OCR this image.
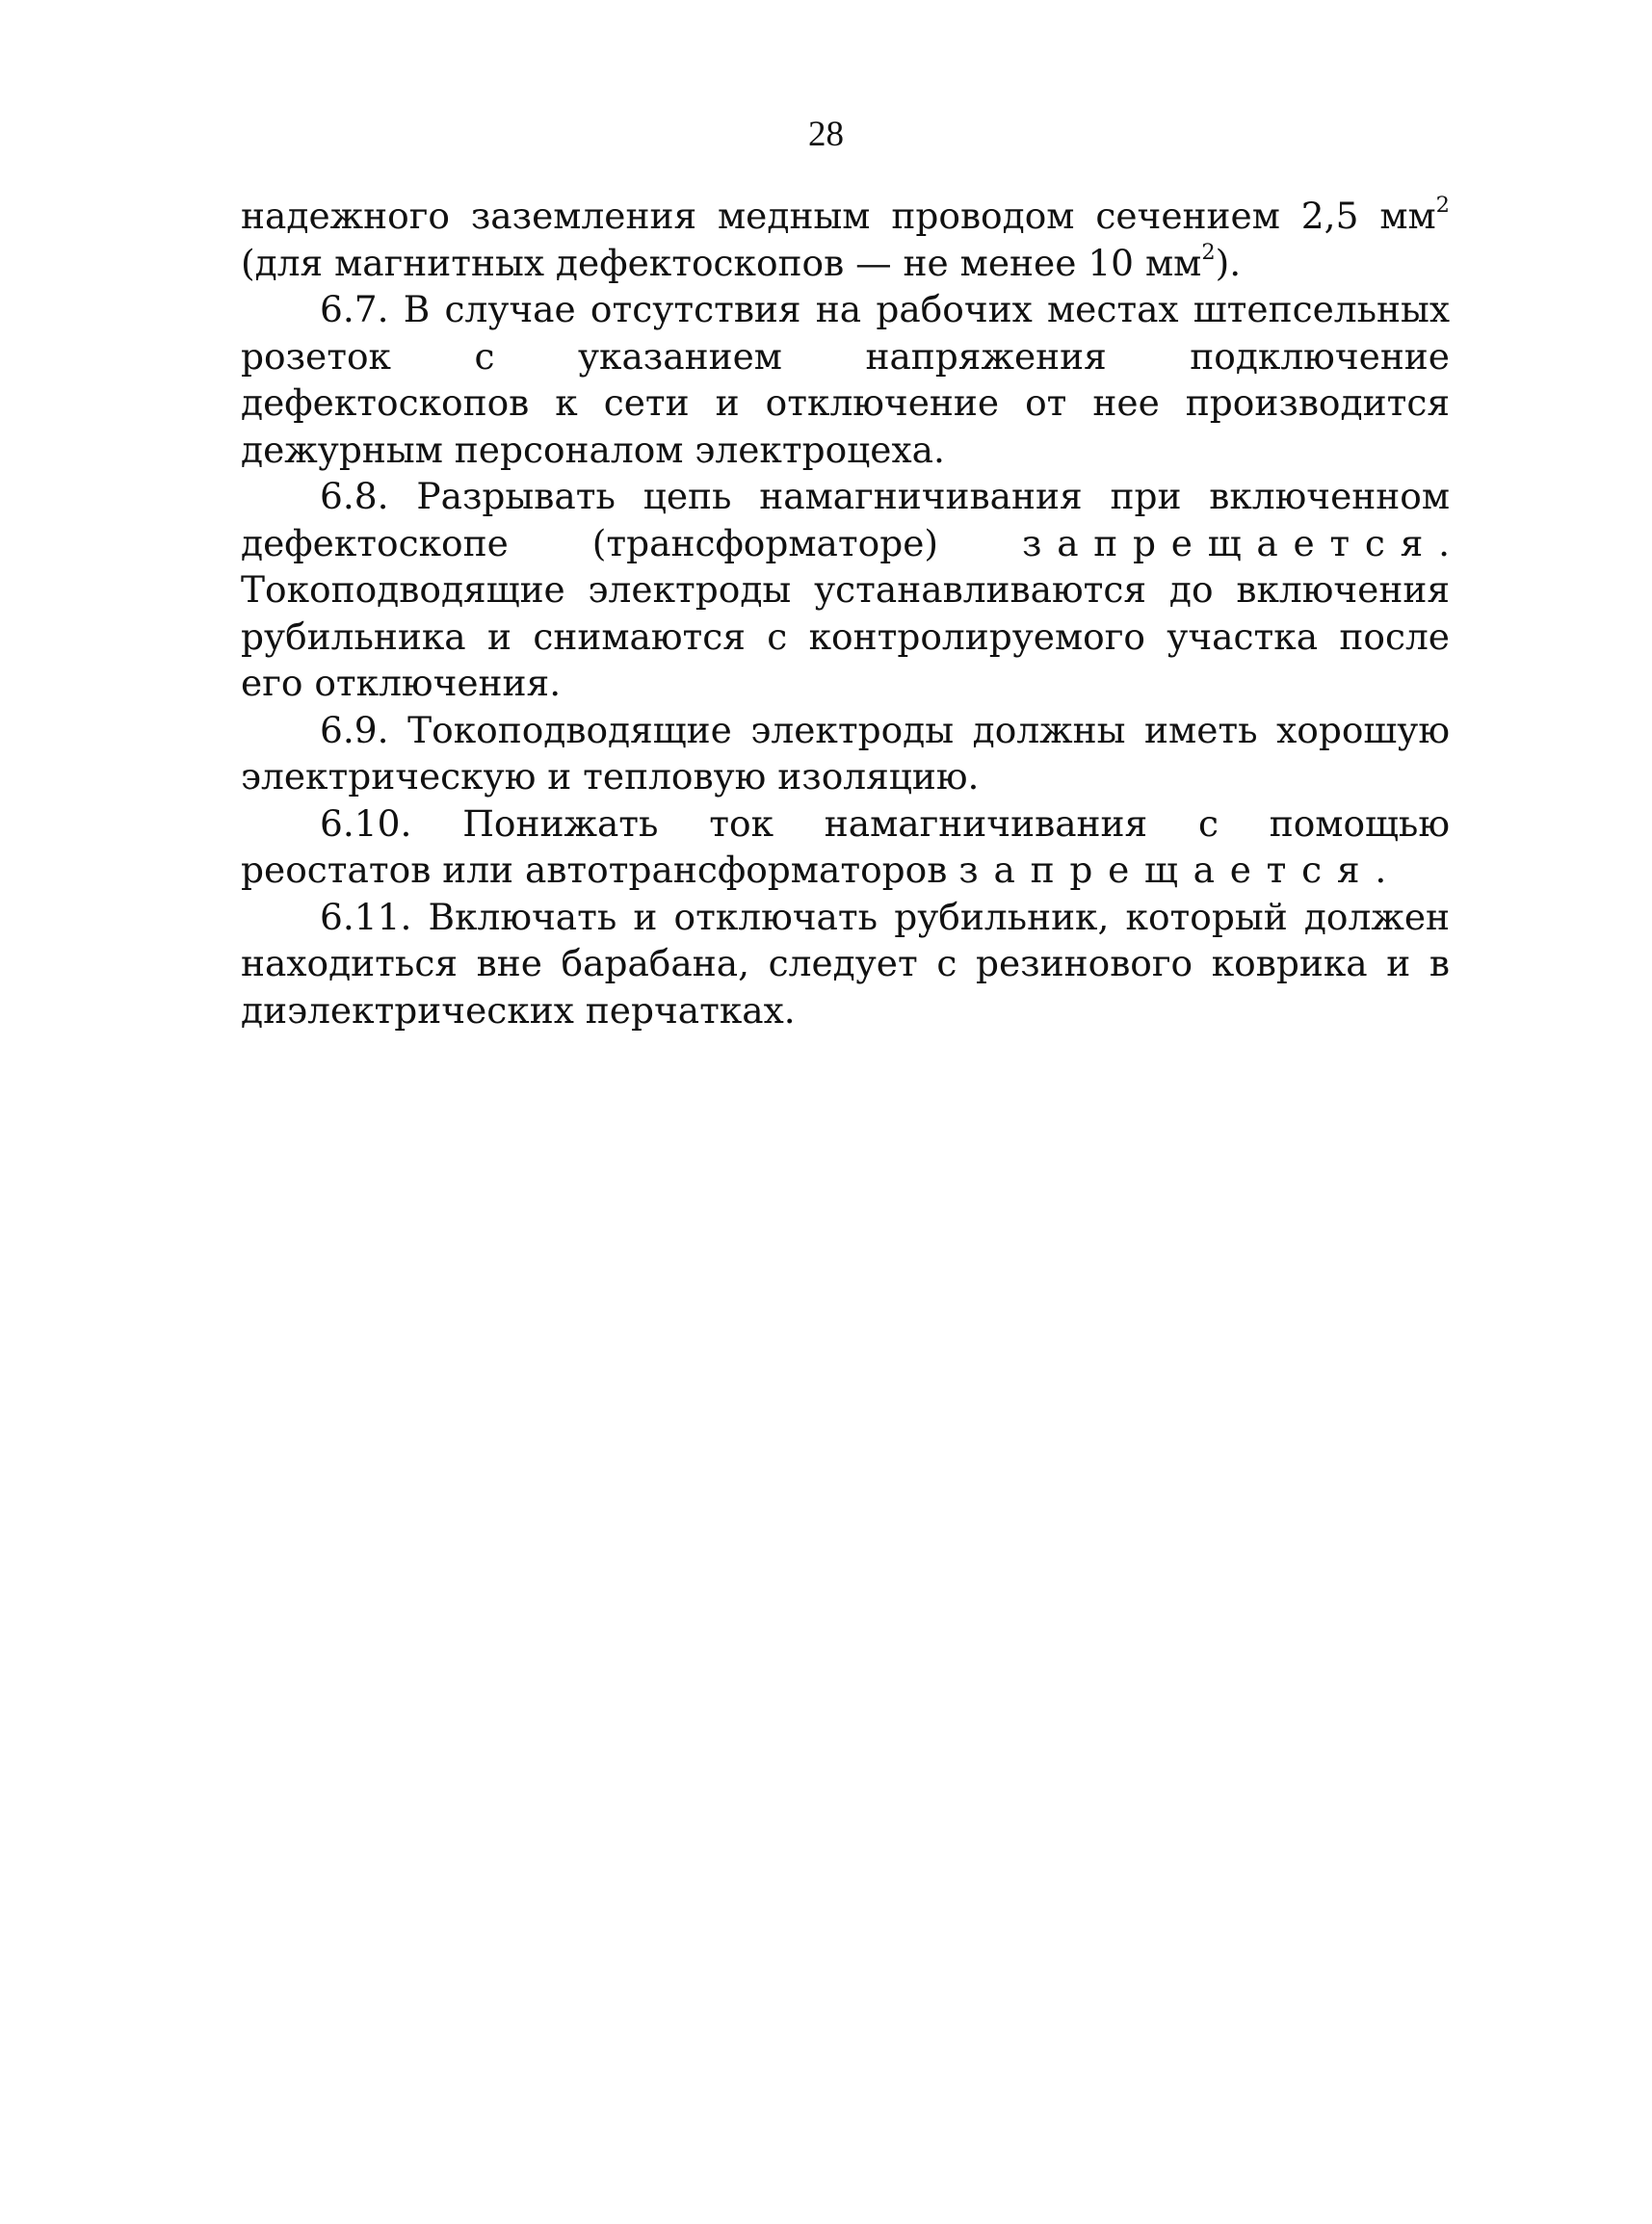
28

надежного заземления медным проводом сечением 2,5 $мм^2$ (для магнитных дефектоскопов — не менее 10 $мм^2$).

6.7. В случае отсутствия на рабочих местах штепсельных розеток с указанием напряжения подключение дефектоскопов к сети и отключение от нее производится дежурным персоналом электроцеха.

6.8. Разрывать цепь намагничивания при включенном дефектоскопе (трансформаторе) запрещается. Токоподводящие электроды устанавливаются до включения рубильника и снимаются с контролируемого участка после его отключения.

6.9. Токоподводящие электроды должны иметь хорошую электрическую и тепловую изоляцию.

6.10. Понижать ток намагничивания с помощью реостатов или автотрансформаторов запрещается.

6.11. Включать и отключать рубильник, который должен находиться вне барабана, следует с резинового коврика и в диэлектрических перчатках.
